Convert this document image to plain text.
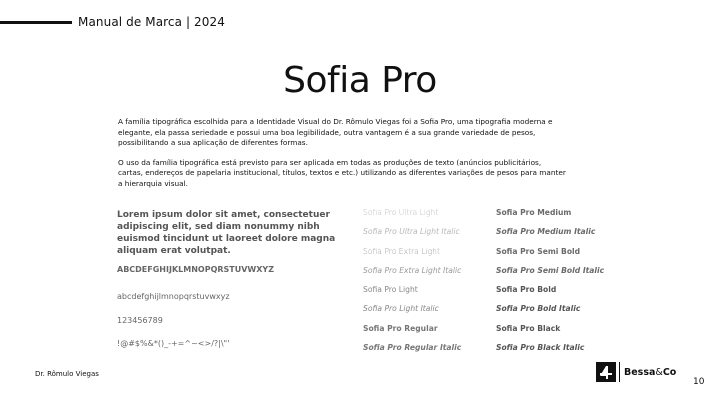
Manual de Marca | 2024
Sofia Pro

A família tipográfica escolhida para a Identidade Visual do Dr. Rômulo Viegas foi a Sofia Pro, uma tipografia moderna e elegante, ela passa seriedade e possui uma boa legibilidade, outra vantagem é a sua grande variedade de pesos, possibilitando a sua aplicação de diferentes formas.

O uso da família tipográfica está previsto para ser aplicada em todas as produções de texto (anúncios publicitários, cartas, endereços de papelaria institucional, títulos, textos e etc.) utilizando as diferentes variações de pesos para manter a hierarquia visual.

Lorem ipsum dolor sit amet, consectetuer adipiscing elit, sed diam nonummy nibh euismod tincidunt ut laoreet dolore magna aliquam erat volutpat.
ABCDEFGHIJKLMNOPQRSTUVWXYZ
abcdefghijlmnopqrstuvwxyz
123456789
!@#$%&*()_-+=^~<>/?|\"'
Sofia Pro Ultra Light
Sofia Pro Ultra Light Italic
Sofia Pro Extra Light
Sofia Pro Extra Light Italic
Sofia Pro Light
Sofia Pro Light Italic
Sofia Pro Regular
Sofia Pro Regular Italic
Sofia Pro Medium
Sofia Pro Medium Italic
Sofia Pro Semi Bold
Sofia Pro Semi Bold Italic
Sofia Pro Bold
Sofia Pro Bold Italic
Sofia Pro Black
Sofia Pro Black Italic
Dr. Rômulo Viegas	Bessa&Co
10
